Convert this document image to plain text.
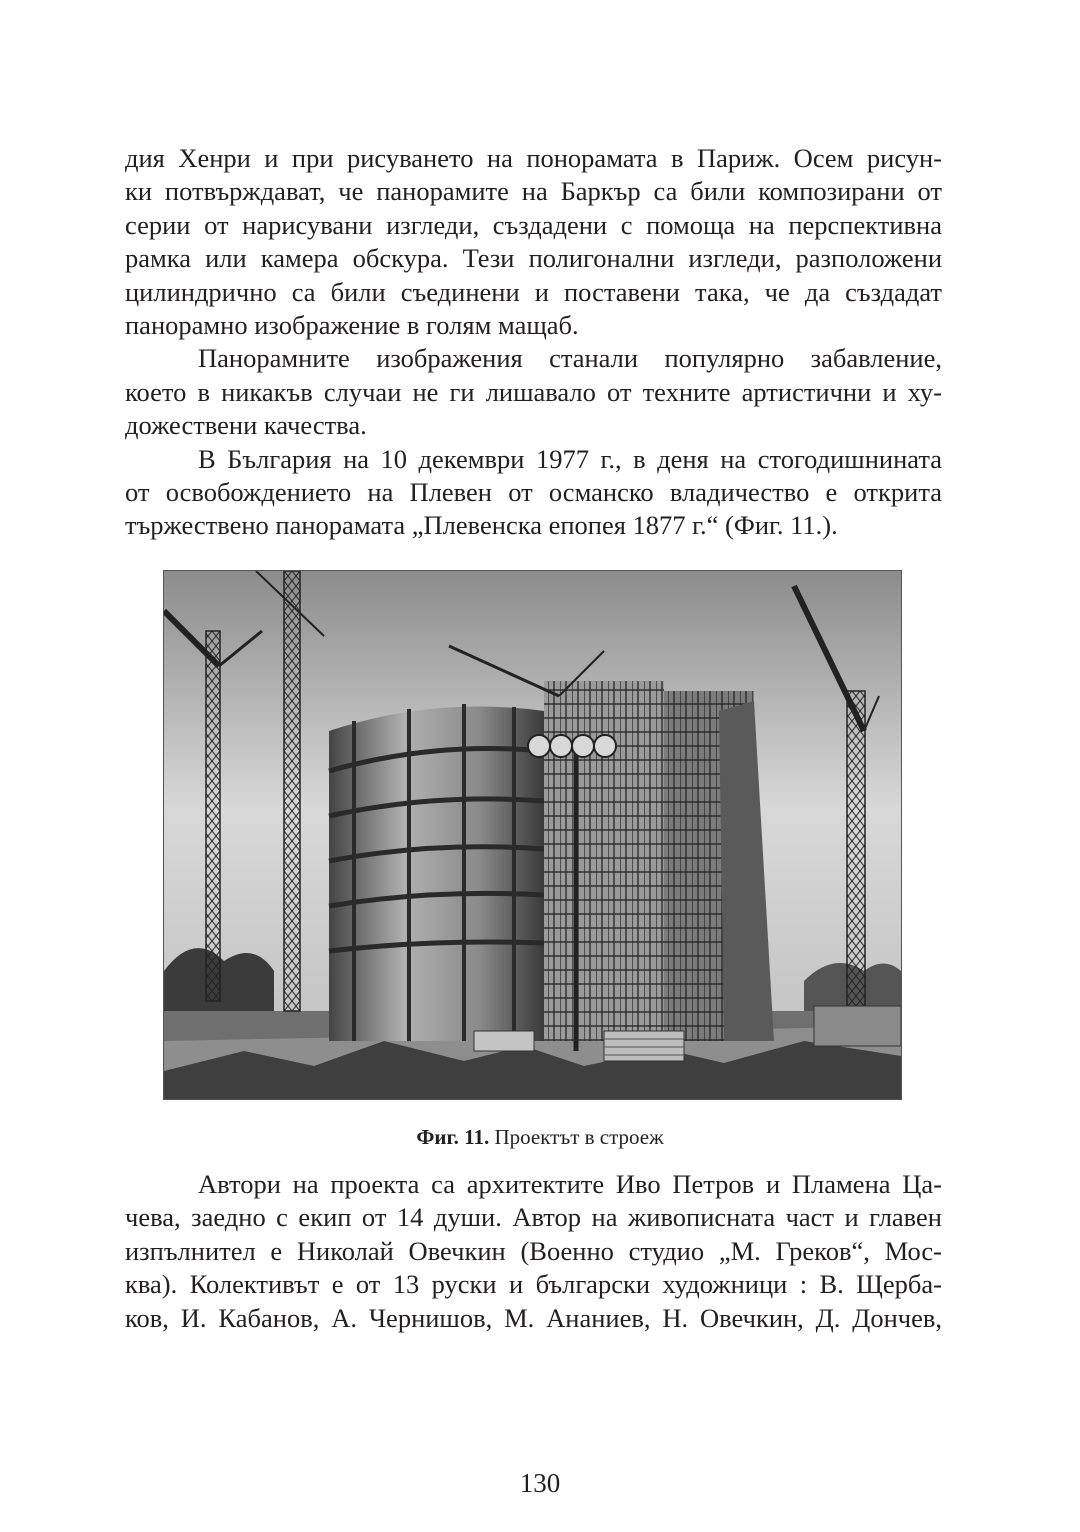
дия Хенри и при рисуването на понорамата в Париж. Осем рисун-
ки потвърждават, че панорамите на Баркър са били композирани от
серии от нарисувани изгледи, създадени с помоща на перспективна
рамка или камера обскура. Тези полигонални изгледи, разположени
цилиндрично са били съединени и поставени така, че да създадат
панорамно изображение в голям мащаб.
Панорамните изображения станали популярно забавление,
което в никакъв случаи не ги лишавало от техните артистични и ху-
дожествени качества.
В България на 10 декември 1977 г., в деня на стогодишнината
от освобождението на Плевен от османско владичество е открита
тържествено панорамата „Плевенска епопея 1877 г.“ (Фиг. 11.).
Фиг. 11. Проектът в строеж
Автори на проекта са архитектите Иво Петров и Пламена Ца-
чева, заедно с екип от 14 души. Автор на живописната част и главен
изпълнител е Николай Овечкин (Военно студио „М. Греков“, Мос-
ква). Колективът е от 13 руски и български художници : В. Щерба-
ков, И. Кабанов, А. Чернишов, М. Ананиев, Н. Овечкин, Д. Дончев,
130
